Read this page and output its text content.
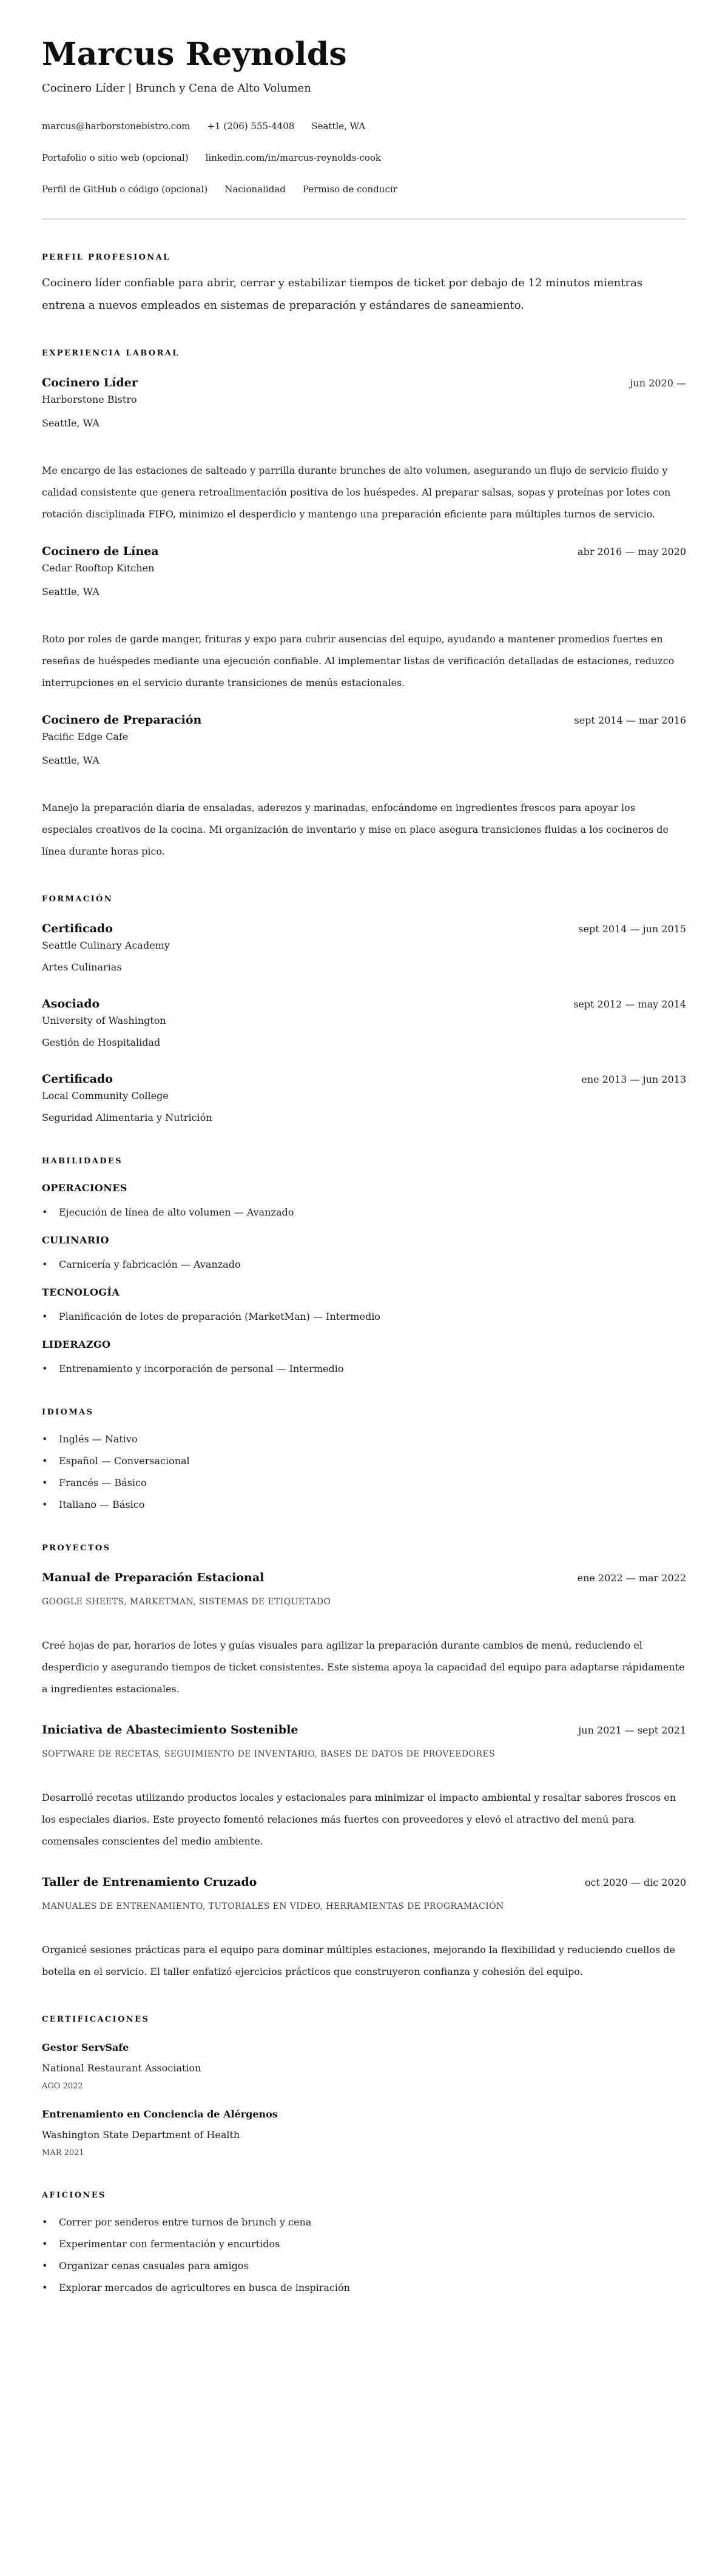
Marcus Reynolds
Cocinero Líder | Brunch y Cena de Alto Volumen
marcus@harborstonebistro.com +1 (206) 555-4408 Seattle, WA
Portafolio o sitio web (opcional) linkedin.com/in/marcus-reynolds-cook
Perfil de GitHub o código (opcional) Nacionalidad Permiso de conducir
PERFIL PROFESIONAL

Cocinero líder confiable para abrir, cerrar y estabilizar tiempos de ticket por debajo de 12 minutos mientras entrena a nuevos empleados en sistemas de preparación y estándares de saneamiento.

EXPERIENCIA LABORAL
Cocinero Líder	jun 2020 —
Harborstone Bistro
Seattle, WA

Me encargo de las estaciones de salteado y parrilla durante brunches de alto volumen, asegurando un flujo de servicio fluido y calidad consistente que genera retroalimentación positiva de los huéspedes. Al preparar salsas, sopas y proteínas por lotes con rotación disciplinada FIFO, minimizo el desperdicio y mantengo una preparación eficiente para múltiples turnos de servicio.

Cocinero de Línea	abr 2016 — may 2020
Cedar Rooftop Kitchen
Seattle, WA

Roto por roles de garde manger, frituras y expo para cubrir ausencias del equipo, ayudando a mantener promedios fuertes en reseñas de huéspedes mediante una ejecución confiable. Al implementar listas de verificación detalladas de estaciones, reduzco interrupciones en el servicio durante transiciones de menús estacionales.

Cocinero de Preparación	sept 2014 — mar 2016
Pacific Edge Cafe
Seattle, WA

Manejo la preparación diaria de ensaladas, aderezos y marinadas, enfocándome en ingredientes frescos para apoyar los especiales creativos de la cocina. Mi organización de inventario y mise en place asegura transiciones fluidas a los cocineros de línea durante horas pico.

FORMACIÓN
Certificado	sept 2014 — jun 2015
Seattle Culinary Academy
Artes Culinarias
Asociado	sept 2012 — may 2014
University of Washington
Gestión de Hospitalidad
Certificado	ene 2013 — jun 2013
Local Community College
Seguridad Alimentaria y Nutrición
HABILIDADES
OPERACIONES
• Ejecución de línea de alto volumen — Avanzado
CULINARIO
• Carnicería y fabricación — Avanzado
TECNOLOGÍA
• Planificación de lotes de preparación (MarketMan) — Intermedio
LIDERAZGO
• Entrenamiento y incorporación de personal — Intermedio
IDIOMAS
• Inglés — Nativo
• Español — Conversacional
• Francés — Básico
• Italiano — Básico
PROYECTOS
Manual de Preparación Estacional	ene 2022 — mar 2022
GOOGLE SHEETS, MARKETMAN, SISTEMAS DE ETIQUETADO

Creé hojas de par, horarios de lotes y guías visuales para agilizar la preparación durante cambios de menú, reduciendo el desperdicio y asegurando tiempos de ticket consistentes. Este sistema apoya la capacidad del equipo para adaptarse rápidamente a ingredientes estacionales.

Iniciativa de Abastecimiento Sostenible	jun 2021 — sept 2021
SOFTWARE DE RECETAS, SEGUIMIENTO DE INVENTARIO, BASES DE DATOS DE PROVEEDORES

Desarrollé recetas utilizando productos locales y estacionales para minimizar el impacto ambiental y resaltar sabores frescos en los especiales diarios. Este proyecto fomentó relaciones más fuertes con proveedores y elevó el atractivo del menú para comensales conscientes del medio ambiente.

Taller de Entrenamiento Cruzado	oct 2020 — dic 2020
MANUALES DE ENTRENAMIENTO, TUTORIALES EN VIDEO, HERRAMIENTAS DE PROGRAMACIÓN

Organicé sesiones prácticas para el equipo para dominar múltiples estaciones, mejorando la flexibilidad y reduciendo cuellos de botella en el servicio. El taller enfatizó ejercicios prácticos que construyeron confianza y cohesión del equipo.

CERTIFICACIONES
Gestor ServSafe
National Restaurant Association
AGO 2022
Entrenamiento en Conciencia de Alérgenos
Washington State Department of Health
MAR 2021
AFICIONES
• Correr por senderos entre turnos de brunch y cena
• Experimentar con fermentación y encurtidos
• Organizar cenas casuales para amigos
• Explorar mercados de agricultores en busca de inspiración
